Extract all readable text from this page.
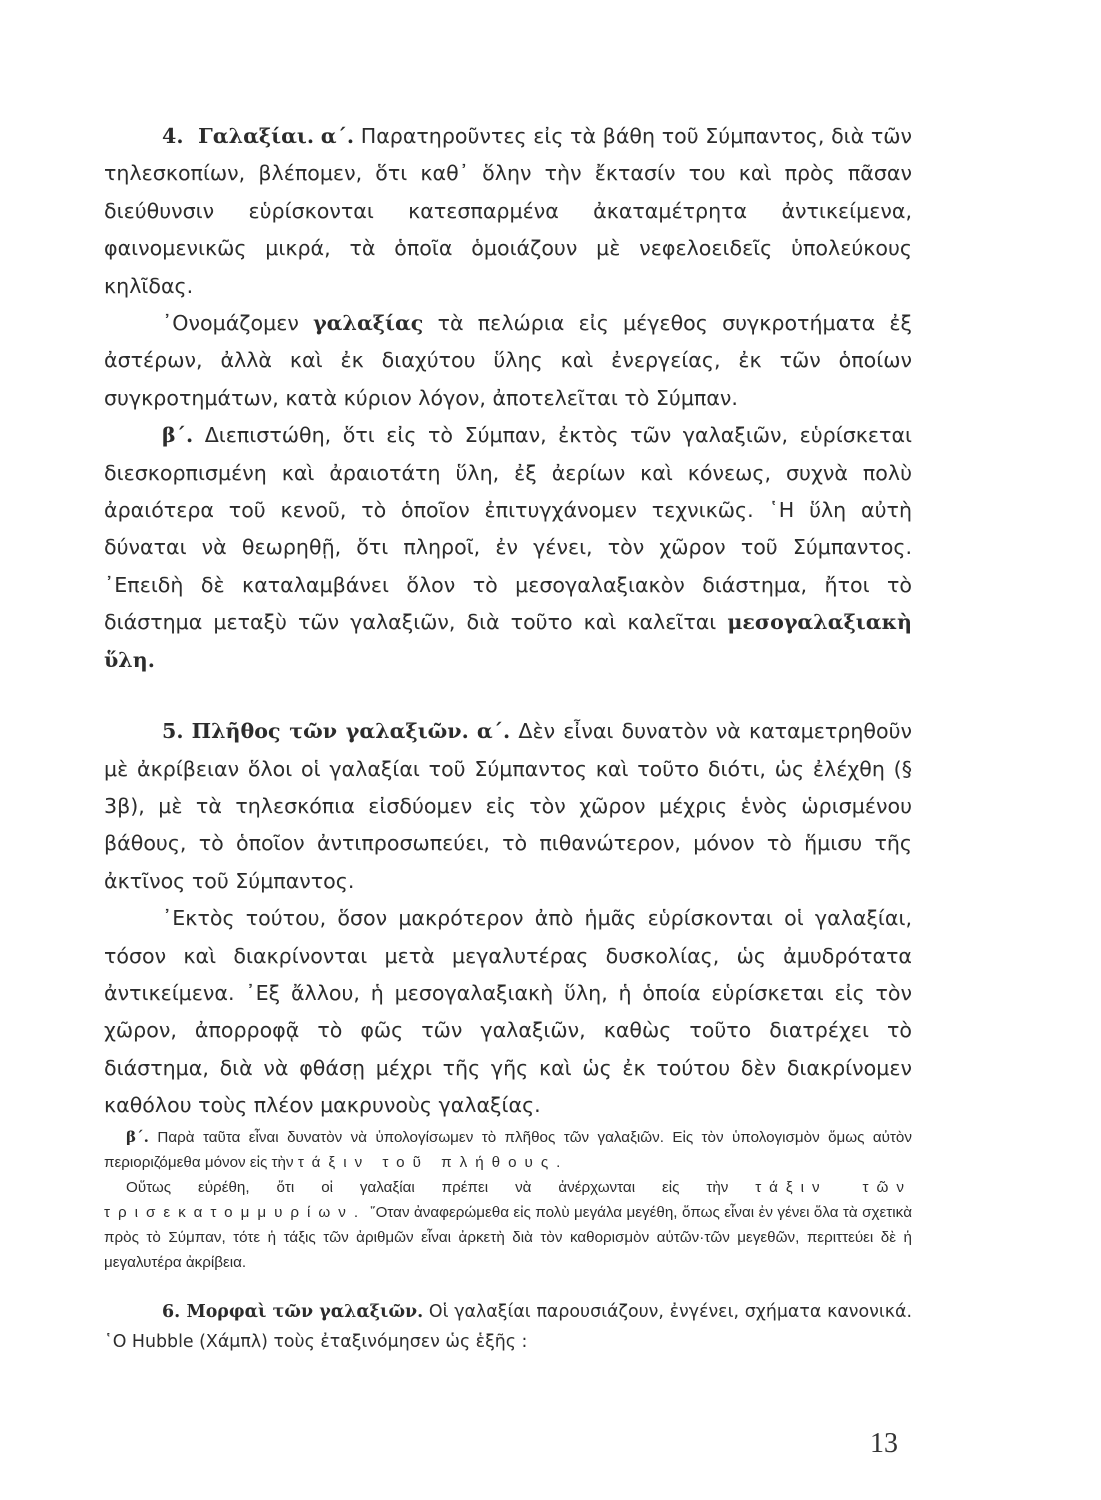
4. Γαλαξίαι. α΄. Παρατηροῦντες εἰς τὰ βάθη τοῦ Σύμπαντος, διὰ τῶν τηλεσκοπίων, βλέπομεν, ὅτι καθ᾽ ὅλην τὴν ἔκτασίν του καὶ πρὸς πᾶσαν διεύθυνσιν εὑρίσκονται κατεσπαρμένα ἀκαταμέτρητα ἀντικείμενα, φαινομενικῶς μικρά, τὰ ὁποῖα ὁμοιάζουν μὲ νεφελοειδεῖς ὑπολεύκους κηλῖδας.

᾽Ονομάζομεν γαλαξίας τὰ πελώρια εἰς μέγεθος συγκροτήματα ἐξ ἀστέρων, ἀλλὰ καὶ ἐκ διαχύτου ὕλης καὶ ἐνεργείας, ἐκ τῶν ὁποίων συγκροτημάτων, κατὰ κύριον λόγον, ἀποτελεῖται τὸ Σύμπαν.

β΄. Διεπιστώθη, ὅτι εἰς τὸ Σύμπαν, ἐκτὸς τῶν γαλαξιῶν, εὑρίσκεται διεσκορπισμένη καὶ ἀραιοτάτη ὕλη, ἐξ ἀερίων καὶ κόνεως, συχνὰ πολὺ ἀραιότερα τοῦ κενοῦ, τὸ ὁποῖον ἐπιτυγχάνομεν τεχνικῶς. ῾Η ὕλη αὐτὴ δύναται νὰ θεωρηθῇ, ὅτι πληροῖ, ἐν γένει, τὸν χῶρον τοῦ Σύμπαντος. ᾽Επειδὴ δὲ καταλαμβάνει ὅλον τὸ μεσογαλαξιακὸν διάστημα, ἤτοι τὸ διάστημα μεταξὺ τῶν γαλαξιῶν, διὰ τοῦτο καὶ καλεῖται μεσογαλαξιακὴ ὕλη.

5. Πλῆθος τῶν γαλαξιῶν. α΄. Δὲν εἶναι δυνατὸν νὰ καταμετρηθοῦν μὲ ἀκρίβειαν ὅλοι οἱ γαλαξίαι τοῦ Σύμπαντος καὶ τοῦτο διότι, ὡς ἐλέχθη (§ 3β), μὲ τὰ τηλεσκόπια εἰσδύομεν εἰς τὸν χῶρον μέχρις ἑνὸς ὡρισμένου βάθους, τὸ ὁποῖον ἀντιπροσωπεύει, τὸ πιθανώτερον, μόνον τὸ ἥμισυ τῆς ἀκτῖνος τοῦ Σύμπαντος.

᾽Εκτὸς τούτου, ὅσον μακρότερον ἀπὸ ἡμᾶς εὑρίσκονται οἱ γαλαξίαι, τόσον καὶ διακρίνονται μετὰ μεγαλυτέρας δυσκολίας, ὡς ἀμυδρότατα ἀντικείμενα. ᾽Εξ ἄλλου, ἡ μεσογαλαξιακὴ ὕλη, ἡ ὁποία εὑρίσκεται εἰς τὸν χῶρον, ἀπορροφᾷ τὸ φῶς τῶν γαλαξιῶν, καθὼς τοῦτο διατρέχει τὸ διάστημα, διὰ νὰ φθάσῃ μέχρι τῆς γῆς καὶ ὡς ἐκ τούτου δὲν διακρίνομεν καθόλου τοὺς πλέον μακρυνοὺς γαλαξίας.

β΄. Παρὰ ταῦτα εἶναι δυνατὸν νὰ ὑπολογίσωμεν τὸ πλῆθος τῶν γαλαξιῶν. Εἰς τὸν ὑπολογισμὸν ὅμως αὐτὸν περιοριζόμεθα μόνον εἰς τὴν τάξιν τοῦ πλήθους.

Οὕτως εὑρέθη, ὅτι οἱ γαλαξίαι πρέπει νὰ ἀνέρχωνται εἰς τὴν τάξιν τῶν τρισεκατομμυρίων. ῞Οταν ἀναφερώμεθα εἰς πολὺ μεγάλα μεγέθη, ὅπως εἶναι ἐν γένει ὅλα τὰ σχετικὰ πρὸς τὸ Σύμπαν, τότε ἡ τάξις τῶν ἀριθμῶν εἶναι ἀρκετὴ διὰ τὸν καθορισμὸν αὐτῶν·τῶν μεγεθῶν, περιττεύει δὲ ἡ μεγαλυτέρα ἀκρίβεια.

6. Μορφαὶ τῶν γαλαξιῶν. Οἱ γαλαξίαι παρουσιάζουν, ἐνγένει, σχήματα κανονικά. ῾Ο Hubble (Χάμπλ) τοὺς ἐταξινόμησεν ὡς ἑξῆς :

13
